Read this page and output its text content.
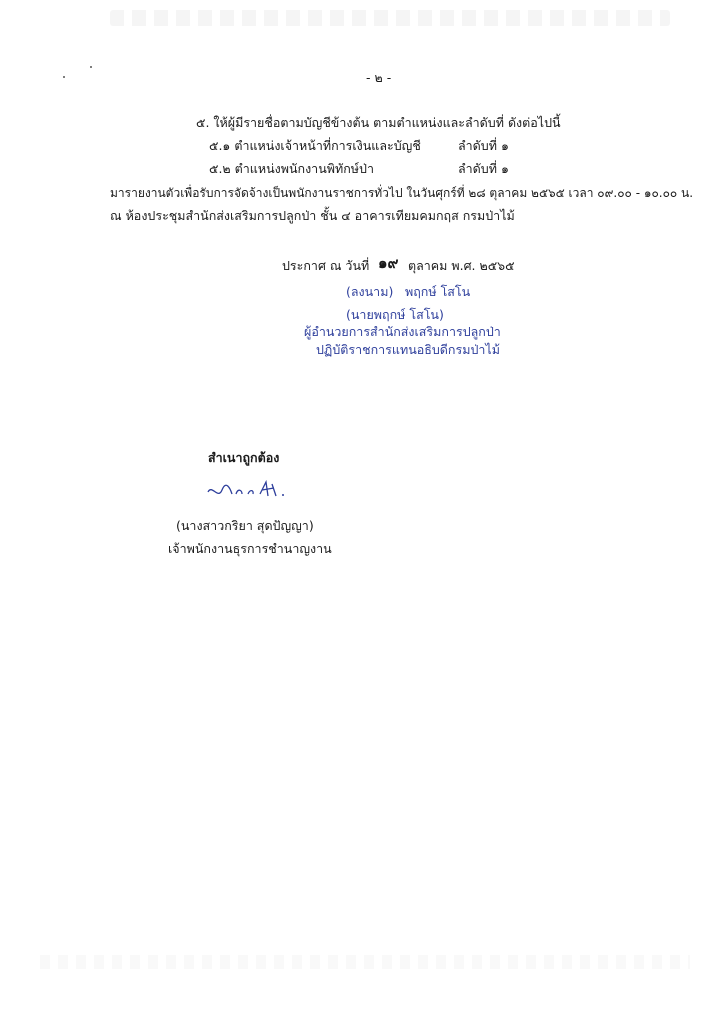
- ๒ -
๕. ให้ผู้มีรายชื่อตามบัญชีข้างต้น ตามตำแหน่งและลำดับที่ ดังต่อไปนี้
๕.๑ ตำแหน่งเจ้าหน้าที่การเงินและบัญชี	ลำดับที่ ๑
๕.๒ ตำแหน่งพนักงานพิทักษ์ป่า	ลำดับที่ ๑
มารายงานตัวเพื่อรับการจัดจ้างเป็นพนักงานราชการทั่วไป ในวันศุกร์ที่ ๒๘ ตุลาคม ๒๕๖๕ เวลา ๐๙.๐๐ - ๑๐.๐๐ น.
ณ ห้องประชุมสำนักส่งเสริมการปลูกป่า ชั้น ๔ อาคารเทียมคมกฤส กรมป่าไม้
ประกาศ ณ วันที่ ๑๙ ตุลาคม พ.ศ. ๒๕๖๕
(ลงนาม) พฤกษ์ โสโน
(นายพฤกษ์ โสโน)
ผู้อำนวยการสำนักส่งเสริมการปลูกป่า
ปฏิบัติราชการแทนอธิบดีกรมป่าไม้
สำเนาถูกต้อง
(นางสาวกริยา สุดปัญญา)
เจ้าพนักงานธุรการชำนาญงาน
